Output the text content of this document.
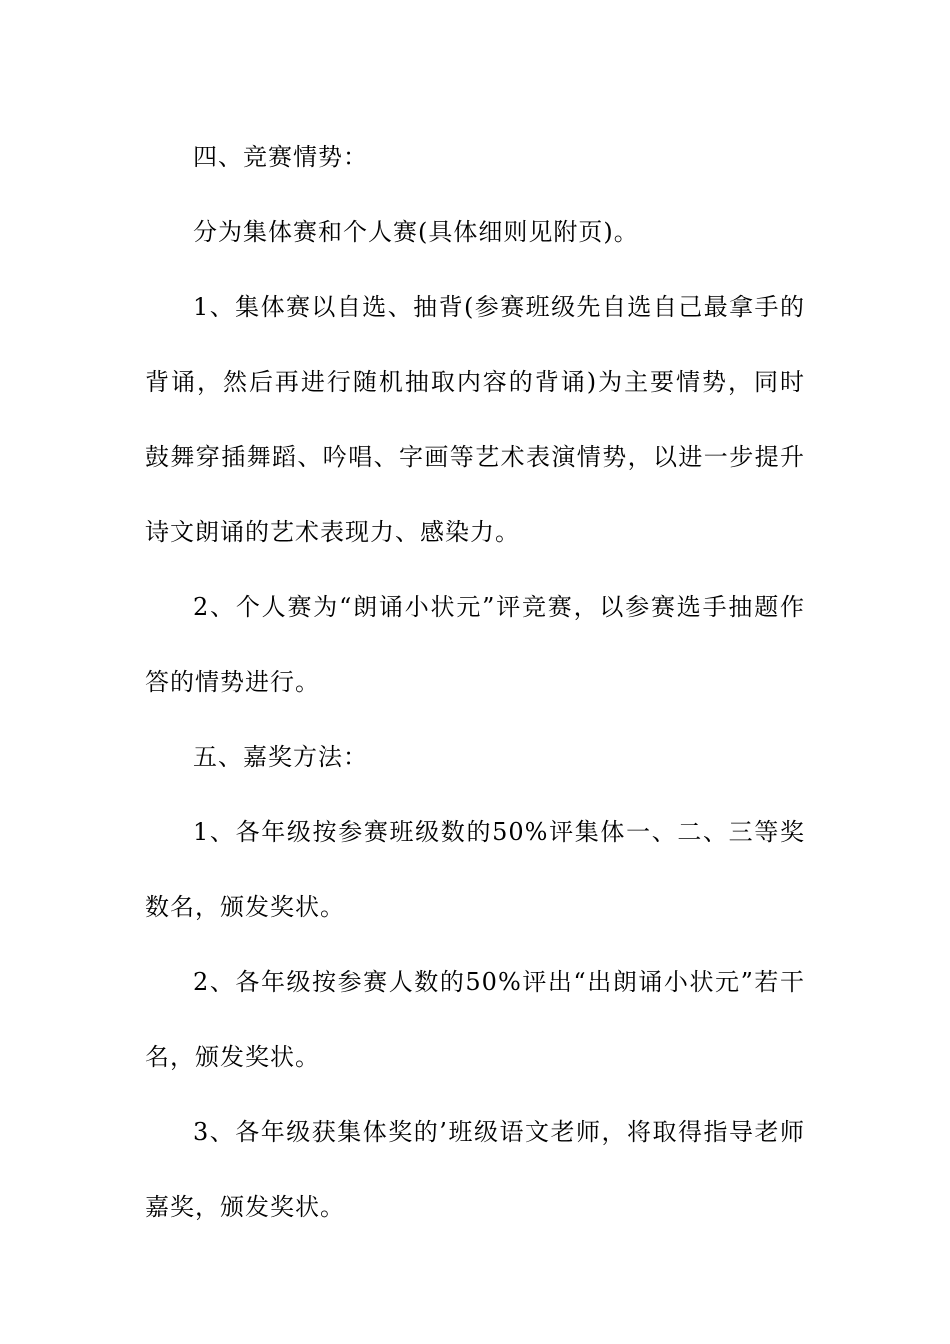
四、竞赛情势：

分为集体赛和个人赛(具体细则见附页)。

1、集体赛以自选、抽背(参赛班级先自选自己最拿手的背诵，然后再进行随机抽取内容的背诵)为主要情势，同时鼓舞穿插舞蹈、吟唱、字画等艺术表演情势，以进一步提升诗文朗诵的艺术表现力、感染力。

2、个人赛为“朗诵小状元”评竞赛，以参赛选手抽题作答的情势进行。

五、嘉奖方法：

1、各年级按参赛班级数的50%评集体一、二、三等奖数名，颁发奖状。

2、各年级按参赛人数的50%评出“出朗诵小状元”若干名，颁发奖状。

3、各年级获集体奖的’班级语文老师，将取得指导老师嘉奖，颁发奖状。
